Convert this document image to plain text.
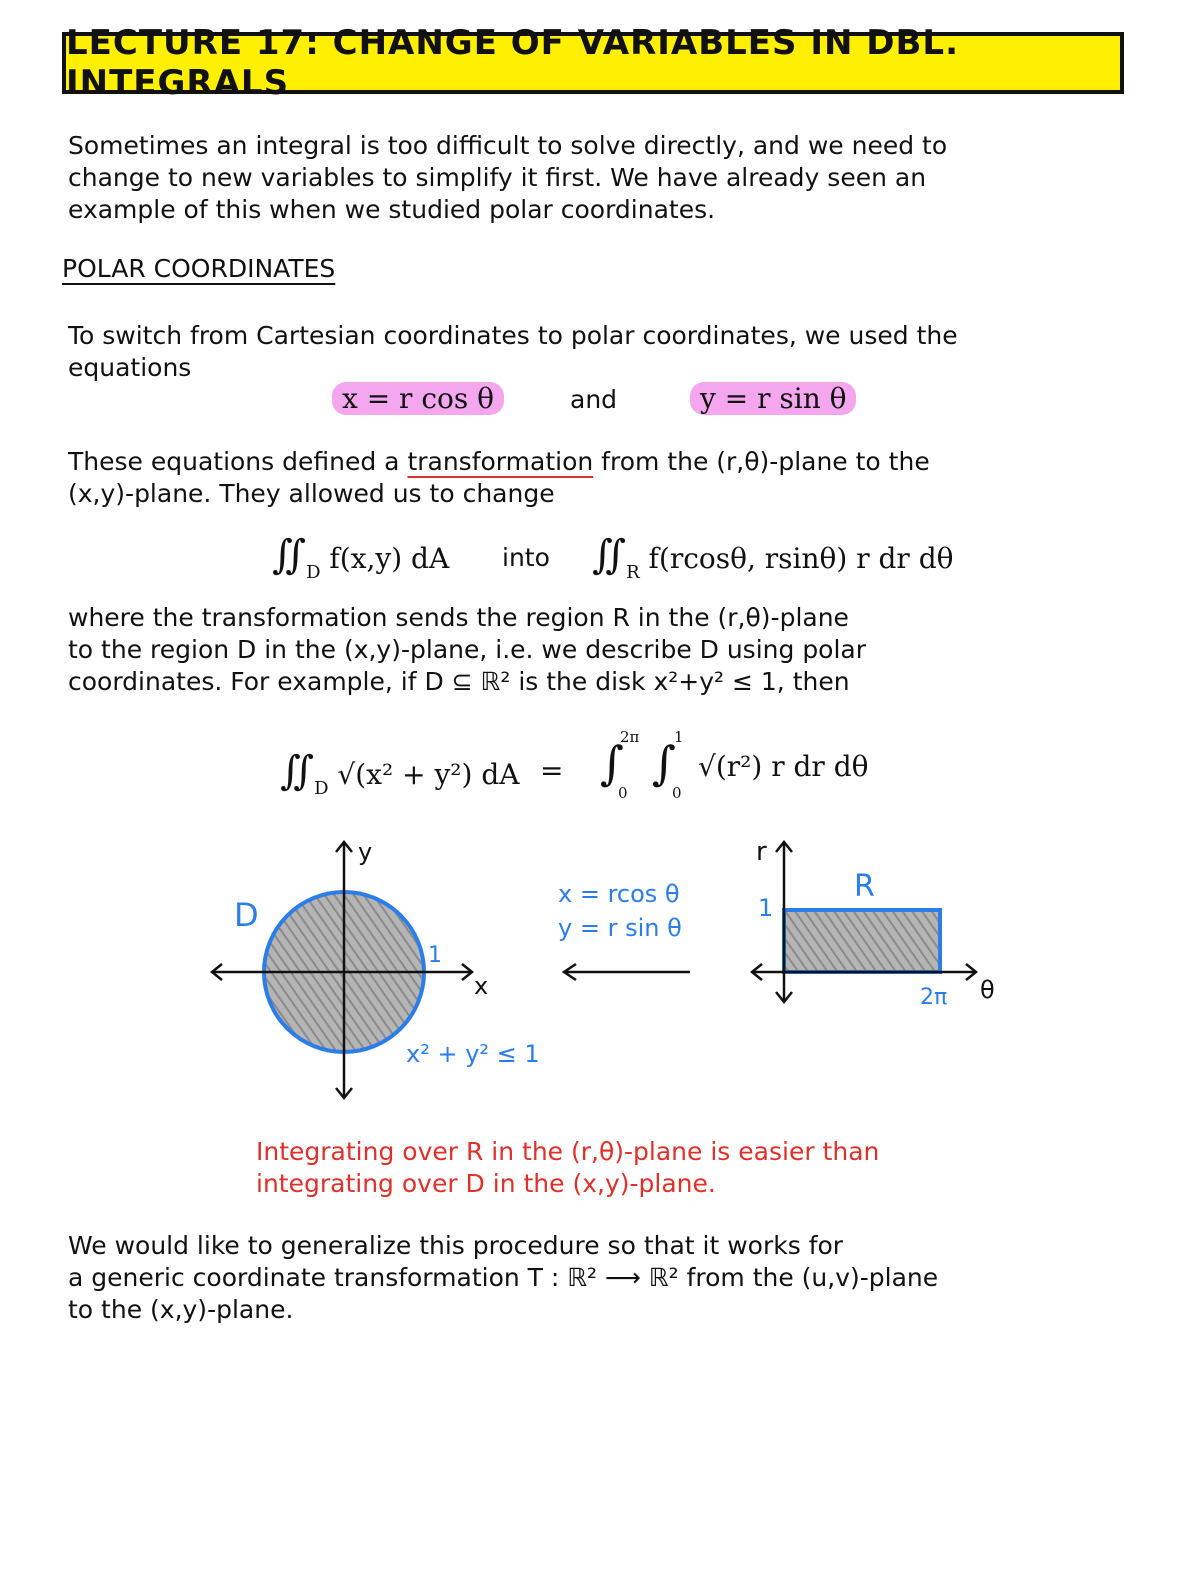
LECTURE 17: CHANGE OF VARIABLES IN DBL. INTEGRALS
Sometimes an integral is too difficult to solve directly, and we need to
change to new variables to simplify it first. We have already seen an
example of this when we studied polar coordinates.
POLAR COORDINATES
To switch from Cartesian coordinates to polar coordinates, we used the
equations
x = r cos θ	and	y = r sin θ
These equations defined a transformation from the (r,θ)-plane to the
(x,y)-plane. They allowed us to change
$∬_D$ f(x,y) dA into $∬_R$ f(rcosθ, rsinθ) r dr dθ
where the transformation sends the region R in the (r,θ)-plane
to the region D in the (x,y)-plane, i.e. we describe D using polar
coordinates. For example, if D ⊆ ℝ² is the disk x²+y² ≤ 1, then
$∬_D$ √(x² + y²) dA = ∫
2π
0
∫
1
0
√(r²) r dr dθ
y
x
D
1
x² + y² ≤ 1
x = rcos θ
y = r sin θ
r
θ
R
1
2π
Integrating over R in the (r,θ)-plane is easier than
integrating over D in the (x,y)-plane.
We would like to generalize this procedure so that it works for
a generic coordinate transformation T : ℝ² ⟶ ℝ² from the (u,v)-plane
to the (x,y)-plane.
